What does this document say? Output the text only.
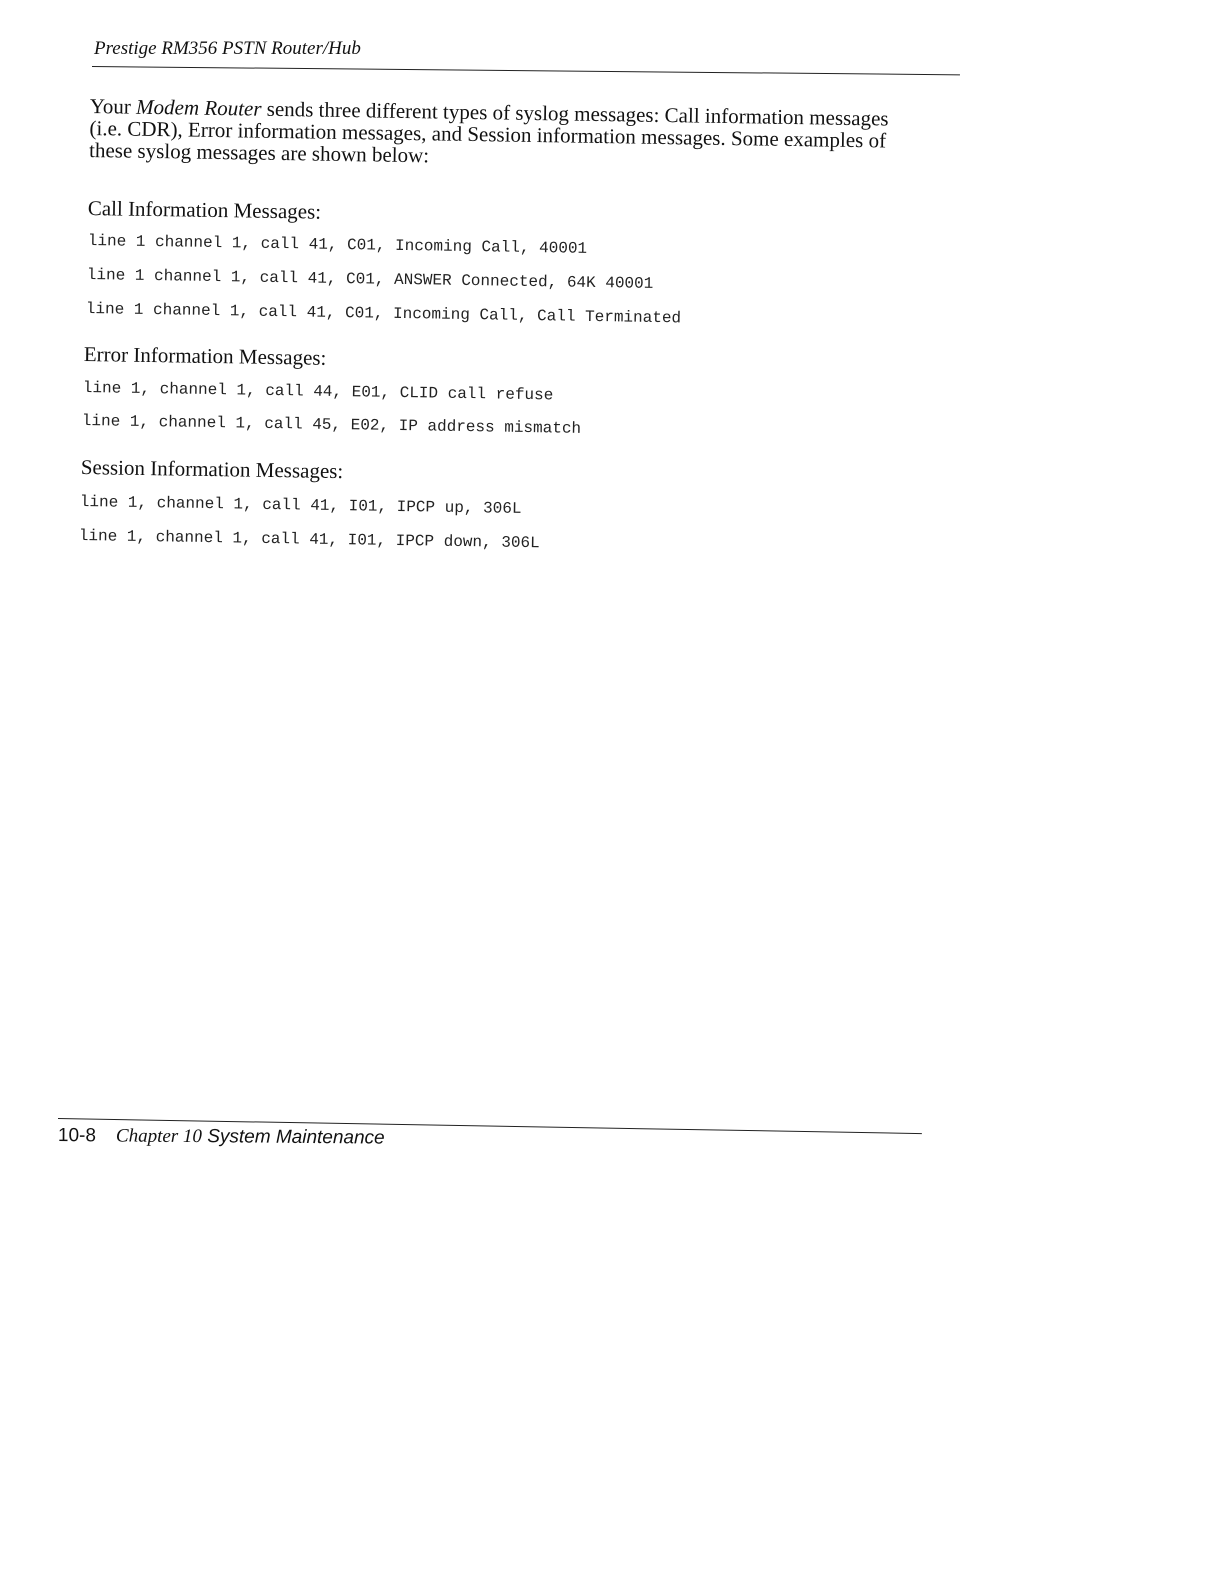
Prestige RM356 PSTN Router/Hub
Your Modem Router sends three different types of syslog messages: Call information messages (i.e. CDR), Error information messages, and Session information messages. Some examples of these syslog messages are shown below:
Call Information Messages:
line 1 channel 1, call 41, C01, Incoming Call, 40001
line 1 channel 1, call 41, C01, ANSWER Connected, 64K 40001
line 1 channel 1, call 41, C01, Incoming Call, Call Terminated
Error Information Messages:
line 1, channel 1, call 44, E01, CLID call refuse
line 1, channel 1, call 45, E02, IP address mismatch
Session Information Messages:
line 1, channel 1, call 41, I01, IPCP up, 306L
line 1, channel 1, call 41, I01, IPCP down, 306L
10-8 Chapter 10 System Maintenance
